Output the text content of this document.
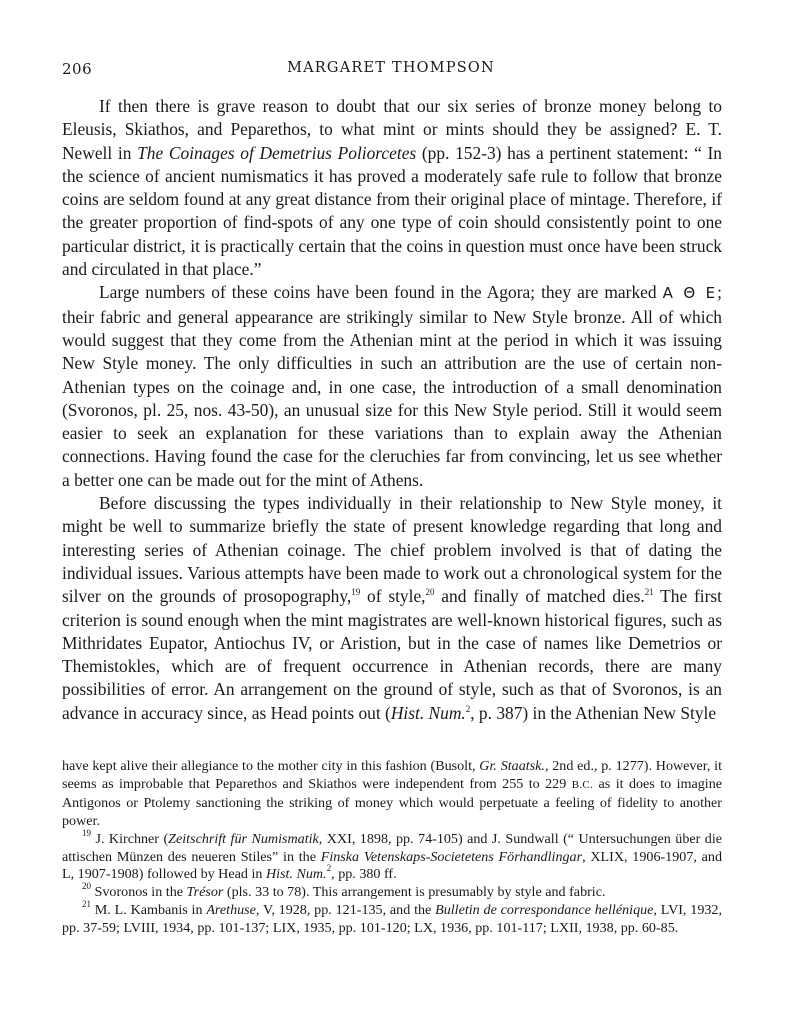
206	MARGARET THOMPSON

If then there is grave reason to doubt that our six series of bronze money belong to Eleusis, Skiathos, and Peparethos, to what mint or mints should they be assigned? E. T. Newell in The Coinages of Demetrius Poliorcetes (pp. 152-3) has a pertinent statement: “ In the science of ancient numismatics it has proved a moderately safe rule to follow that bronze coins are seldom found at any great distance from their original place of mintage. Therefore, if the greater proportion of find-spots of any one type of coin should consistently point to one particular district, it is practically certain that the coins in question must once have been struck and circulated in that place.”

Large numbers of these coins have been found in the Agora; they are marked Α Θ Ε; their fabric and general appearance are strikingly similar to New Style bronze. All of which would suggest that they come from the Athenian mint at the period in which it was issuing New Style money. The only difficulties in such an attribution are the use of certain non-Athenian types on the coinage and, in one case, the introduction of a small denomination (Svoronos, pl. 25, nos. 43-50), an unusual size for this New Style period. Still it would seem easier to seek an explanation for these variations than to explain away the Athenian connections. Having found the case for the cleruchies far from convincing, let us see whether a better one can be made out for the mint of Athens.

Before discussing the types individually in their relationship to New Style money, it might be well to summarize briefly the state of present knowledge regarding that long and interesting series of Athenian coinage. The chief problem involved is that of dating the individual issues. Various attempts have been made to work out a chronological system for the silver on the grounds of prosopography,$^{19}$ of style,$^{20}$ and finally of matched dies.$^{21}$ The first criterion is sound enough when the mint magistrates are well-known historical figures, such as Mithridates Eupator, Antiochus IV, or Aristion, but in the case of names like Demetrios or Themistokles, which are of frequent occurrence in Athenian records, there are many possibilities of error. An arrangement on the ground of style, such as that of Svoronos, is an advance in accuracy since, as Head points out (Hist. Num.$^2$, p. 387) in the Athenian New Style

have kept alive their allegiance to the mother city in this fashion (Busolt, Gr. Staatsk., 2nd ed., p. 1277). However, it seems as improbable that Peparethos and Skiathos were independent from 255 to 229 B.C. as it does to imagine Antigonos or Ptolemy sanctioning the striking of money which would perpetuate a feeling of fidelity to another power.

$^{19}$ J. Kirchner (Zeitschrift für Numismatik, XXI, 1898, pp. 74-105) and J. Sundwall (“ Untersuchungen über die attischen Münzen des neueren Stiles” in the Finska Vetenskaps-Societetens Förhandlingar, XLIX, 1906-1907, and L, 1907-1908) followed by Head in Hist. Num.$^2$, pp. 380 ff.

$^{20}$ Svoronos in the Trésor (pls. 33 to 78). This arrangement is presumably by style and fabric.

$^{21}$ M. L. Kambanis in Arethuse, V, 1928, pp. 121-135, and the Bulletin de correspondance hellénique, LVI, 1932, pp. 37-59; LVIII, 1934, pp. 101-137; LIX, 1935, pp. 101-120; LX, 1936, pp. 101-117; LXII, 1938, pp. 60-85.
